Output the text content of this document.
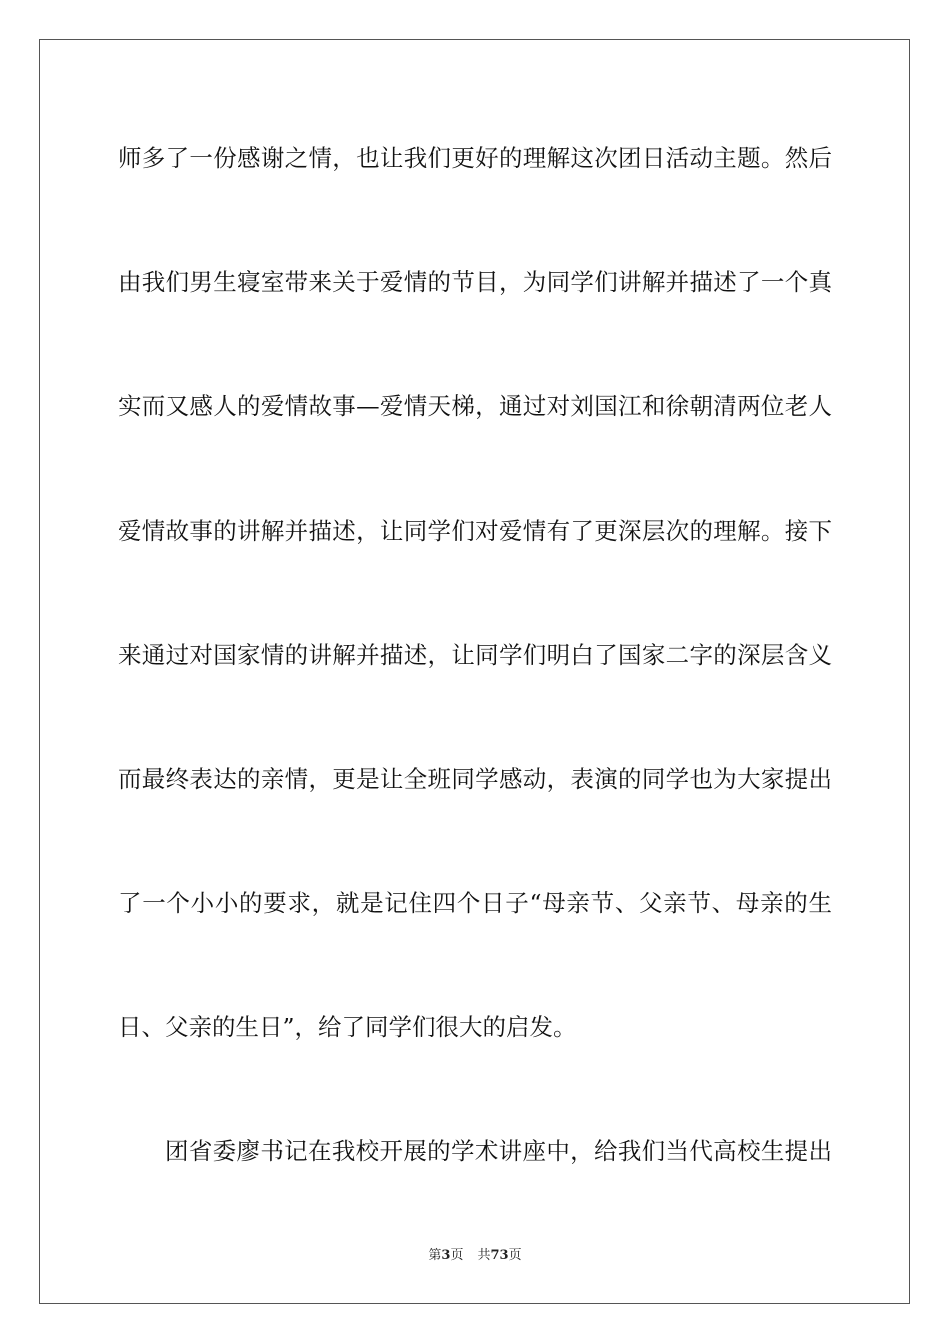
师多了一份感谢之情，也让我们更好的理解这次团日活动主题。然后
由我们男生寝室带来关于爱情的节目，为同学们讲解并描述了一个真
实而又感人的爱情故事—爱情天梯，通过对刘国江和徐朝清两位老人
爱情故事的讲解并描述，让同学们对爱情有了更深层次的理解。接下
来通过对国家情的讲解并描述，让同学们明白了国家二字的深层含义
而最终表达的亲情，更是让全班同学感动，表演的同学也为大家提出
了一个小小的要求，就是记住四个日子“母亲节、父亲节、母亲的生
日、父亲的生日”，给了同学们很大的启发。
团省委廖书记在我校开展的学术讲座中，给我们当代高校生提出
第3页 共73页
